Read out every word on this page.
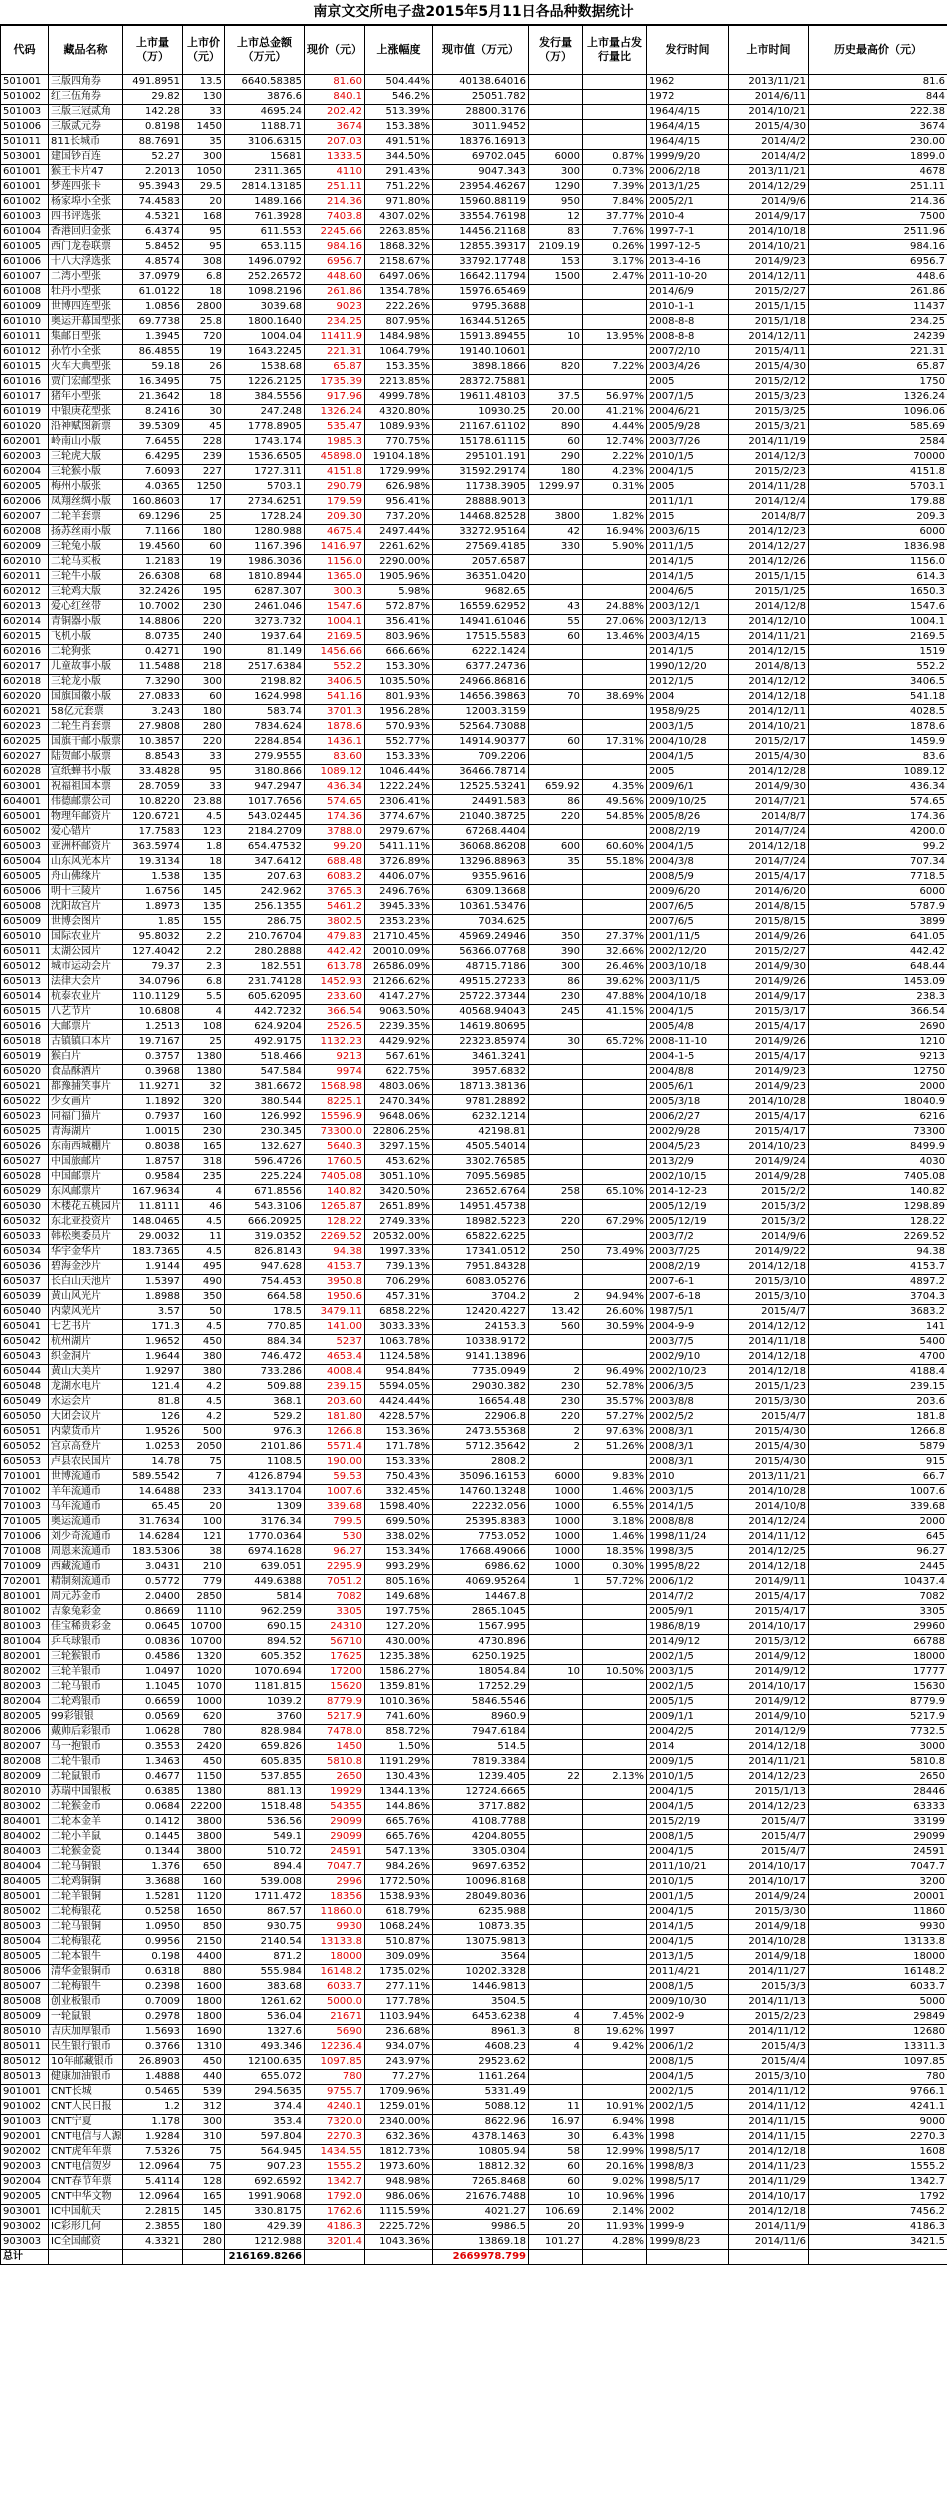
南京文交所电子盘2015年5月11日各品种数据统计
代码	藏品名称	上市量（万）	上市价（元）	上市总金额（万元）	现价（元）	上涨幅度	现市值（万元）	发行量（万）	上市量占发行量比	发行时间	上市时间	历史最高价（元）
501001	三版四角券	491.8951	13.5	6640.58385	81.60	504.44%	40138.64016			1962	2013/11/21	81.6
501002	红三伍角券	29.82	130	3876.6	840.1	546.2%	25051.782			1972	2014/6/11	844
501003	三版三冠贰角	142.28	33	4695.24	202.42	513.39%	28800.3176			1964/4/15	2014/10/21	222.38
501006	三版贰元券	0.8198	1450	1188.71	3674	153.38%	3011.9452			1964/4/15	2015/4/30	3674
501011	811长城币	88.7691	35	3106.6315	207.03	491.51%	18376.16913			1964/4/15	2014/4/2	230.00
503001	建国钞百连	52.27	300	15681	1333.5	344.50%	69702.045	6000	0.87%	1999/9/20	2014/4/2	1899.0
601001	猴王卡片47	2.2013	1050	2311.365	4110	291.43%	9047.343	300	0.73%	2006/2/18	2013/11/21	4678
601001	梦莲四张卡	95.3943	29.5	2814.13185	251.11	751.22%	23954.46267	1290	7.39%	2013/1/25	2014/12/29	251.11
601002	杨家埠小全张	74.4583	20	1489.166	214.36	971.80%	15960.88119	950	7.84%	2005/2/1	2014/9/6	214.36
601003	四书评选张	4.5321	168	761.3928	7403.8	4307.02%	33554.76198	12	37.77%	2010-4	2014/9/17	7500
601004	香港回归金张	6.4374	95	611.553	2245.66	2263.85%	14456.21168	83	7.76%	1997-7-1	2014/10/18	2511.96
601005	西门龙卷联票	5.8452	95	653.115	984.16	1868.32%	12855.39317	2109.19	0.26%	1997-12-5	2014/10/21	984.16
601006	十八大浮选张	4.8574	308	1496.0792	6956.7	2158.67%	33792.17748	153	3.17%	2013-4-16	2014/9/23	6956.7
601007	二湾小型张	37.0979	6.8	252.26572	448.60	6497.06%	16642.11794	1500	2.47%	2011-10-20	2014/12/11	448.6
601008	牡丹小型张	61.0122	18	1098.2196	261.86	1354.78%	15976.65469			2014/6/9	2015/2/27	261.86
601009	世博四连型张	1.0856	2800	3039.68	9023	222.26%	9795.3688			2010-1-1	2015/1/15	11437
601010	奥运开幕国型张	69.7738	25.8	1800.1640	234.25	807.95%	16344.51265			2008-8-8	2015/1/18	234.25
601011	集邮日型张	1.3945	720	1004.04	11411.9	1484.98%	15913.89455	10	13.95%	2008-8-8	2014/12/11	24239
601012	孙竹小全张	86.4855	19	1643.2245	221.31	1064.79%	19140.10601			2007/2/10	2015/4/11	221.31
601015	火车大典型张	59.18	26	1538.68	65.87	153.35%	3898.1866	820	7.22%	2003/4/26	2015/4/30	65.87
601016	贾门宏邮型张	16.3495	75	1226.2125	1735.39	2213.85%	28372.75881			2005	2015/2/12	1750
601017	猪年小型张	21.3642	18	384.5556	917.96	4999.78%	19611.48103	37.5	56.97%	2007/1/5	2015/3/23	1326.24
601019	中银庚花型张	8.2416	30	247.248	1326.24	4320.80%	10930.25	20.00	41.21%	2004/6/21	2015/3/25	1096.06
601020	沿神赋图新票	39.5309	45	1778.8905	535.47	1089.93%	21167.61102	890	4.44%	2005/9/28	2015/3/21	585.69
602001	岭南山小版	7.6455	228	1743.174	1985.3	770.75%	15178.61115	60	12.74%	2003/7/26	2014/11/19	2584
602003	三轮虎大版	6.4295	239	1536.6505	45898.0	19104.18%	295101.191	290	2.22%	2010/1/5	2014/12/3	70000
602004	三轮猴小版	7.6093	227	1727.311	4151.8	1729.99%	31592.29174	180	4.23%	2004/1/5	2015/2/23	4151.8
602005	梅州小版张	4.0365	1250	5703.1	290.79	626.98%	11738.3905	1299.97	0.31%	2005	2014/11/28	5703.1
602006	凤翔丝绸小版	160.8603	17	2734.6251	179.59	956.41%	28888.9013			2011/1/1	2014/12/4	179.88
602007	二轮羊套票	69.1296	25	1728.24	209.30	737.20%	14468.82528	3800	1.82%	2015	2014/8/7	209.3
602008	扬苏丝雨小版	7.1166	180	1280.988	4675.4	2497.44%	33272.95164	42	16.94%	2003/6/15	2014/12/23	6000
602009	三轮兔小版	19.4560	60	1167.396	1416.97	2261.62%	27569.4185	330	5.90%	2011/1/5	2014/12/27	1836.98
602010	二轮马买板	1.2183	19	1986.3036	1156.0	2290.00%	2057.6587			2014/1/5	2014/12/26	1156.0
602011	三轮牛小版	26.6308	68	1810.8944	1365.0	1905.96%	36351.0420			2014/1/5	2015/1/15	614.3
602012	三轮鸡大版	32.2426	195	6287.307	300.3	5.98%	9682.65			2004/6/5	2015/1/25	1650.3
602013	爱心红丝带	10.7002	230	2461.046	1547.6	572.87%	16559.62952	43	24.88%	2003/12/1	2014/12/8	1547.6
602014	青铜器小版	14.8806	220	3273.732	1004.1	356.41%	14941.61046	55	27.06%	2003/12/13	2014/12/10	1004.1
602015	飞机小版	8.0735	240	1937.64	2169.5	803.96%	17515.5583	60	13.46%	2003/4/15	2014/11/21	2169.5
602016	二轮狗张	0.4271	190	81.149	1456.66	666.66%	6222.1424			2014/1/5	2014/12/15	1519
602017	儿童故事小版	11.5488	218	2517.6384	552.2	153.30%	6377.24736			1990/12/20	2014/8/13	552.2
602018	三轮龙小版	7.3290	300	2198.82	3406.5	1035.50%	24966.86816			2012/1/5	2014/12/12	3406.5
602020	国旗国徽小版	27.0833	60	1624.998	541.16	801.93%	14656.39863	70	38.69%	2004	2014/12/18	541.18
602021	58亿元套票	3.243	180	583.74	3701.3	1956.28%	12003.3159			1958/9/25	2014/12/11	4028.5
602023	二轮生肖套票	27.9808	280	7834.624	1878.6	570.93%	52564.73088			2003/1/5	2014/10/21	1878.6
602025	国旗干邮小版票	10.3857	220	2284.854	1436.1	552.77%	14914.90377	60	17.31%	2004/10/28	2015/2/17	1459.9
602027	陆贺邮小版票	8.8543	33	279.9555	83.60	153.33%	709.2206			2004/1/5	2015/4/30	83.6
602028	宣纸蝉书小版	33.4828	95	3180.866	1089.12	1046.44%	36466.78714			2005	2014/12/28	1089.12
603001	祝福祖国本票	28.7059	33	947.2947	436.34	1222.24%	12525.53241	659.92	4.35%	2009/6/1	2014/9/30	436.34
604001	伟德邮票公司	10.8220	23.88	1017.7656	574.65	2306.41%	24491.583	86	49.56%	2009/10/25	2014/7/21	574.65
605001	物理年邮资片	120.6721	4.5	543.02445	174.36	3774.67%	21040.38725	220	54.85%	2005/8/26	2014/8/7	174.36
605002	爱心错片	17.7583	123	2184.2709	3788.0	2979.67%	67268.4404			2008/2/19	2014/7/24	4200.0
605003	亚洲杯邮资片	363.5974	1.8	654.47532	99.20	5411.11%	36068.86208	600	60.60%	2004/1/5	2014/12/18	99.2
605004	山东风光本片	19.3134	18	347.6412	688.48	3726.89%	13296.88963	35	55.18%	2004/3/8	2014/7/24	707.34
605005	舟山佛缘片	1.538	135	207.63	6083.2	4406.07%	9355.9616			2008/5/9	2015/4/17	7718.5
605006	明十三陵片	1.6756	145	242.962	3765.3	2496.76%	6309.13668			2009/6/20	2014/6/20	6000
605008	沈阳故宫片	1.8973	135	256.1355	5461.2	3945.33%	10361.53476			2007/6/5	2014/8/15	5787.9
605009	世博会图片	1.85	155	286.75	3802.5	2353.23%	7034.625			2007/6/5	2015/8/15	3899
605010	国际农业片	95.8032	2.2	210.76704	479.83	21710.45%	45969.24946	350	27.37%	2001/11/5	2014/9/26	641.05
605011	太湖公园片	127.4042	2.2	280.2888	442.42	20010.09%	56366.07768	390	32.66%	2002/12/20	2015/2/27	442.42
605012	城市运动会片	79.37	2.3	182.551	613.78	26586.09%	48715.7186	300	26.46%	2003/10/18	2014/9/30	648.44
605013	法律大会片	34.0796	6.8	231.74128	1452.93	21266.62%	49515.27233	86	39.62%	2003/11/5	2014/9/26	1453.09
605014	杭泰农业片	110.1129	5.5	605.62095	233.60	4147.27%	25722.37344	230	47.88%	2004/10/18	2014/9/17	238.3
605015	八艺节片	10.6808	4	442.7232	366.54	9063.50%	40568.94043	245	41.15%	2004/1/5	2015/3/17	366.54
605016	大邮票片	1.2513	108	624.9204	2526.5	2239.35%	14619.80695			2005/4/8	2015/4/17	2690
605018	古镇镇口本片	19.7167	25	492.9175	1132.23	4429.92%	22323.85974	30	65.72%	2008-11-10	2014/9/26	1210
605019	猴白片	0.3757	1380	518.466	9213	567.61%	3461.3241			2004-1-5	2015/4/17	9213
605020	食品酥酒片	0.3968	1380	547.584	9974	622.75%	3957.6832			2004/8/8	2014/9/23	12750
605021	都豫捕笑事片	11.9271	32	381.6672	1568.98	4803.06%	18713.38136			2005/6/1	2014/9/23	2000
605022	少女画片	1.1892	320	380.544	8225.1	2470.34%	9781.28892			2005/3/18	2014/10/28	18040.9
605023	同福门猫片	0.7937	160	126.992	15596.9	9648.06%	6232.1214			2006/2/27	2015/4/17	6216
605025	青海湖片	1.0015	230	230.345	73300.0	22806.25%	42198.81			2002/9/28	2015/4/17	73300
605026	东南西城棚片	0.8038	165	132.627	5640.3	3297.15%	4505.54014			2004/5/23	2014/10/23	8499.9
605027	中国旅邮片	1.8757	318	596.4726	1760.5	453.62%	3302.76585			2013/2/9	2014/9/24	4030
605028	中国邮票片	0.9584	235	225.224	7405.08	3051.10%	7095.56985			2002/10/15	2014/9/28	7405.08
605029	东风邮票片	167.9634	4	671.8556	140.82	3420.50%	23652.6764	258	65.10%	2014-12-23	2015/2/2	140.82
605030	木楼花五桃园片	11.8111	46	543.3106	1265.87	2651.89%	14951.45738			2005/12/19	2015/3/2	1298.89
605032	东北亚投资片	148.0465	4.5	666.20925	128.22	2749.33%	18982.5223	220	67.29%	2005/12/19	2015/3/2	128.22
605033	韩松奥委员片	29.0032	11	319.0352	2269.52	20532.00%	65822.6225			2003/7/2	2014/9/6	2269.52
605034	华宇金华片	183.7365	4.5	826.8143	94.38	1997.33%	17341.0512	250	73.49%	2003/7/25	2014/9/22	94.38
605036	碧海金沙片	1.9144	495	947.628	4153.7	739.13%	7951.84328			2008/2/19	2014/12/18	4153.7
605037	长白山天池片	1.5397	490	754.453	3950.8	706.29%	6083.05276			2007-6-1	2015/3/10	4897.2
605039	黄山风光片	1.8988	350	664.58	1950.6	457.31%	3704.2	2	94.94%	2007-6-18	2015/3/10	3704.3
605040	内蒙风光片	3.57	50	178.5	3479.11	6858.22%	12420.4227	13.42	26.60%	1987/5/1	2015/4/7	3683.2
605041	七艺书片	171.3	4.5	770.85	141.00	3033.33%	24153.3	560	30.59%	2004-9-9	2014/12/12	141
605042	杭州湖片	1.9652	450	884.34	5237	1063.78%	10338.9172			2003/7/5	2014/11/18	5400
605043	织金洞片	1.9644	380	746.472	4653.4	1124.58%	9141.13896			2002/9/10	2014/12/18	4700
605044	黄山大美片	1.9297	380	733.286	4008.4	954.84%	7735.0949	2	96.49%	2002/10/23	2014/12/18	4188.4
605048	龙湖水电片	121.4	4.2	509.88	239.15	5594.05%	29030.382	230	52.78%	2006/3/5	2015/1/23	239.15
605049	水运会片	81.8	4.5	368.1	203.60	4424.44%	16654.48	230	35.57%	2003/8/8	2015/3/30	203.6
605050	大团会议片	126	4.2	529.2	181.80	4228.57%	22906.8	220	57.27%	2002/5/2	2015/4/7	181.8
605051	内蒙货币片	1.9526	500	976.3	1266.8	153.36%	2473.55368	2	97.63%	2008/3/1	2015/4/30	1266.8
605052	宫京高登片	1.0253	2050	2101.86	5571.4	171.78%	5712.35642	2	51.26%	2008/3/1	2015/4/30	5879
605053	卢县农民国片	14.78	75	1108.5	190.00	153.33%	2808.2			2008/3/1	2015/4/30	915
701001	世博流通币	589.5542	7	4126.8794	59.53	750.43%	35096.16153	6000	9.83%	2010	2013/11/21	66.7
701002	羊年流通币	14.6488	233	3413.1704	1007.6	332.45%	14760.13248	1000	1.46%	2003/1/5	2014/10/28	1007.6
701003	马年流通币	65.45	20	1309	339.68	1598.40%	22232.056	1000	6.55%	2014/1/5	2014/10/8	339.68
701005	奥运流通币	31.7634	100	3176.34	799.5	699.50%	25395.8383	1000	3.18%	2008/8/8	2014/12/24	2000
701006	刘少奇流通币	14.6284	121	1770.0364	530	338.02%	7753.052	1000	1.46%	1998/11/24	2014/11/12	645
701008	周恩来流通币	183.5306	38	6974.1628	96.27	153.34%	17668.49066	1000	18.35%	1998/3/5	2014/12/25	96.27
701009	西藏流通币	3.0431	210	639.051	2295.9	993.29%	6986.62	1000	0.30%	1995/8/22	2014/12/18	2445
702001	精制刻流通币	0.5772	779	449.6388	7051.2	805.16%	4069.95264	1	57.72%	2006/1/2	2014/9/11	10437.4
801001	周元苏金币	2.0400	2850	5814	7082	149.68%	14467.8			2014/7/2	2015/4/17	7082
801002	吉象兔彩金	0.8669	1110	962.259	3305	197.75%	2865.1045			2005/9/1	2015/4/17	3305
801003	佳宝稀贵彩金	0.0645	10700	690.15	24310	127.20%	1567.995			1986/8/19	2014/10/17	29960
801004	乒乓球银币	0.0836	10700	894.52	56710	430.00%	4730.896			2014/9/12	2015/3/12	66788
802001	三轮猴银币	0.4586	1320	605.352	17625	1235.38%	6250.1925			2002/1/5	2014/9/12	18000
802002	三轮羊银币	1.0497	1020	1070.694	17200	1586.27%	18054.84	10	10.50%	2003/1/5	2014/9/12	17777
802003	二轮马银币	1.1045	1070	1181.815	15620	1359.81%	17252.29			2002/1/5	2014/10/17	15630
802004	二轮鸡银币	0.6659	1000	1039.2	8779.9	1010.36%	5846.5546			2005/1/5	2014/9/12	8779.9
802005	99彩银银	0.0569	620	3760	5217.9	741.60%	8960.9			2009/1/1	2014/9/10	5217.9
802006	戴帅后彩银币	1.0628	780	828.984	7478.0	858.72%	7947.6184			2004/2/5	2014/12/9	7732.5
802007	马一抱银币	0.3553	2420	659.826	1450	1.50%	514.5			2014	2014/12/18	3000
802008	二轮牛银币	1.3463	450	605.835	5810.8	1191.29%	7819.3384			2009/1/5	2014/11/21	5810.8
802009	二轮鼠银币	0.4677	1150	537.855	2650	130.43%	1239.405	22	2.13%	2010/1/5	2014/12/23	2650
802010	苏瑞中国银板	0.6385	1380	881.13	19929	1344.13%	12724.6665			2004/1/5	2015/1/13	28446
803002	二轮猴金币	0.0684	22200	1518.48	54355	144.86%	3717.882			2004/1/5	2014/12/23	63333
804001	二轮本金羊	0.1412	3800	536.56	29099	665.76%	4108.7788			2015/2/19	2015/4/7	33199
804002	二轮小羊鼠	0.1445	3800	549.1	29099	665.76%	4204.8055			2008/1/5	2015/4/7	29099
804003	二轮猴金瓷	0.1344	3800	510.72	24591	547.13%	3305.0304			2004/1/5	2015/4/7	24591
804004	二轮马铜银	1.376	650	894.4	7047.7	984.26%	9697.6352			2011/10/21	2014/10/17	7047.7
804005	二轮鸡铜铜	3.3688	160	539.008	2996	1772.50%	10096.8168			2010/1/5	2014/10/17	3200
805001	二轮羊银铜	1.5281	1120	1711.472	18356	1538.93%	28049.8036			2001/1/5	2014/9/24	20001
805002	二轮梅银花	0.5258	1650	867.57	11860.0	618.79%	6235.988			2004/1/5	2015/3/30	11860
805003	二轮马银铜	1.0950	850	930.75	9930	1068.24%	10873.35			2014/1/5	2014/9/18	9930
805004	二轮梅银花	0.9956	2150	2140.54	13133.8	510.87%	13075.9813			2004/1/5	2014/10/28	13133.8
805005	二轮本银牛	0.198	4400	871.2	18000	309.09%	3564			2013/1/5	2014/9/18	18000
805006	清华金银铜币	0.6318	880	555.984	16148.2	1735.02%	10202.3328			2011/4/21	2014/11/27	16148.2
805007	二轮梅银牛	0.2398	1600	383.68	6033.7	277.11%	1446.9813			2008/1/5	2015/3/3	6033.7
805008	创业板银币	0.7009	1800	1261.62	5000.0	177.78%	3504.5			2009/10/30	2014/11/13	5000
805009	一轮鼠银	0.2978	1800	536.04	21671	1103.94%	6453.6238	4	7.45%	2002-9	2015/2/23	29849
805010	吉庆加厚银币	1.5693	1690	1327.6	5690	236.68%	8961.3	8	19.62%	1997	2014/11/12	12680
805011	民生银行银币	0.3766	1310	493.346	12236.4	934.07%	4608.23	4	9.42%	2006/1/2	2015/4/3	13311.3
805012	10年邮藏银币	26.8903	450	12100.635	1097.85	243.97%	29523.62			2008/1/5	2015/4/4	1097.85
805013	健康加油银币	1.4888	440	655.072	780	77.27%	1161.264			2004/1/5	2015/3/10	780
901001	CNT长城	0.5465	539	294.5635	9755.7	1709.96%	5331.49			2002/1/5	2014/11/12	9766.1
901002	CNT人民日报	1.2	312	374.4	4240.1	1259.01%	5088.12	11	10.91%	2002/1/5	2014/11/12	4241.1
901003	CNT宁夏	1.178	300	353.4	7320.0	2340.00%	8622.96	16.97	6.94%	1998	2014/11/15	9000
902001	CNT电信与人源	1.9284	310	597.804	2270.3	632.36%	4378.1463	30	6.43%	1998	2014/11/15	2270.3
902002	CNT虎年年票	7.5326	75	564.945	1434.55	1812.73%	10805.94	58	12.99%	1998/5/17	2014/12/18	1608
902003	CNT电信贺岁	12.0964	75	907.23	1555.2	1973.60%	18812.32	60	20.16%	1998/8/3	2014/11/23	1555.2
902004	CNT春节年票	5.4114	128	692.6592	1342.7	948.98%	7265.8468	60	9.02%	1998/5/17	2014/11/29	1342.7
902005	CNT中华文物	12.0964	165	1991.9068	1792.0	986.06%	21676.7488	10	10.96%	1996	2014/10/17	1792
903001	IC中国航天	2.2815	145	330.8175	1762.6	1115.59%	4021.27	106.69	2.14%	2002	2014/12/18	7456.2
903002	IC彩形几何	2.3855	180	429.39	4186.3	2225.72%	9986.5	20	11.93%	1999-9	2014/11/9	4186.3
903003	IC全国邮资	4.3321	280	1212.988	3201.4	1043.36%	13869.18	101.27	4.28%	1999/8/23	2014/11/6	3421.5
总计				216169.8266			2669978.799					
